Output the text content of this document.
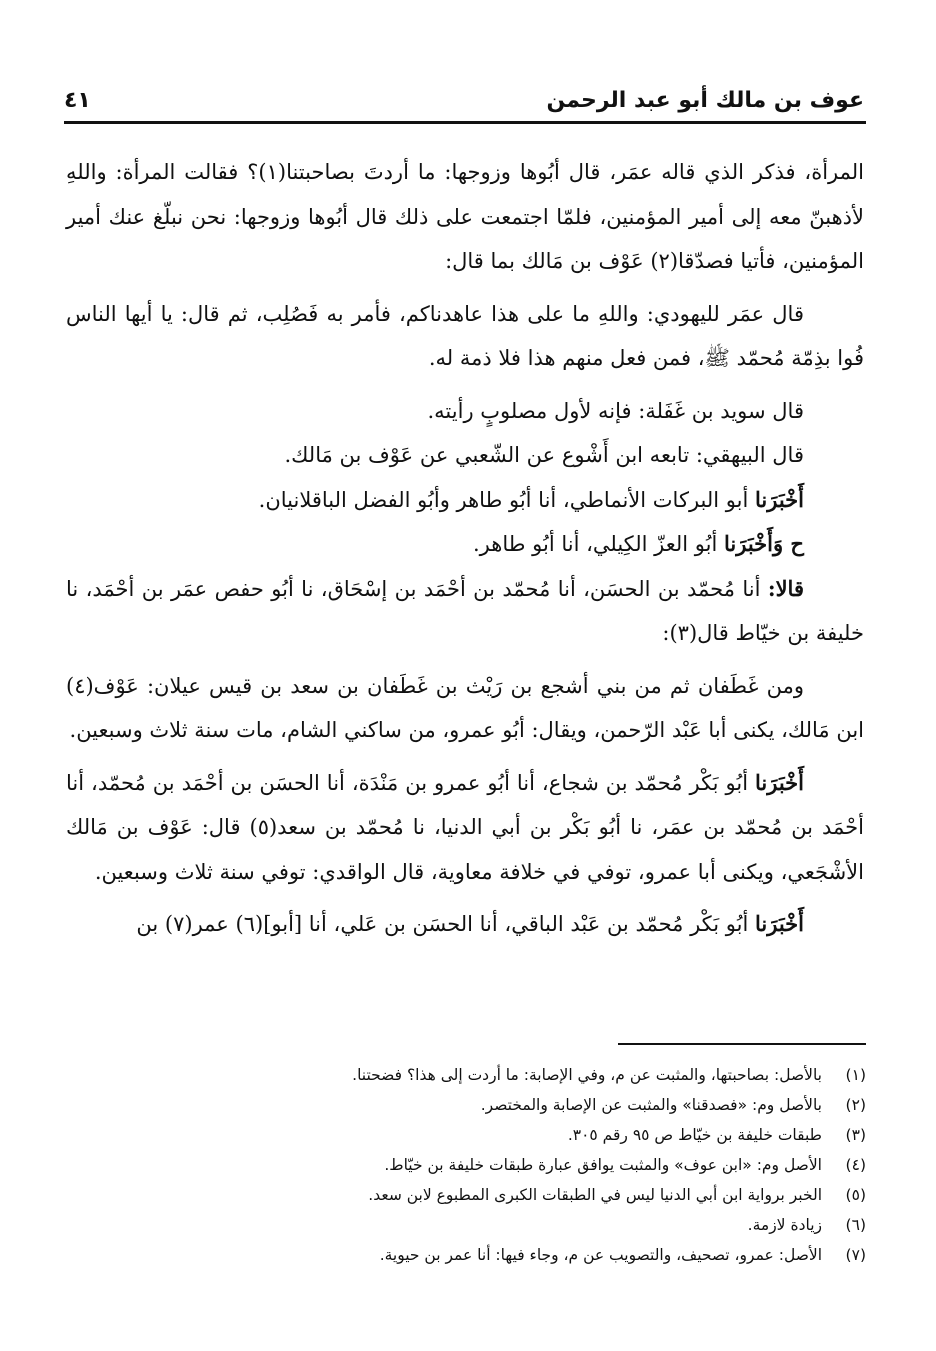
عوف بن مالك أبو عبد الرحمن
٤١

المرأة، فذكر الذي قاله عمَر، قال أبُوها وزوجها: ما أردتَ بصاحبتنا(١)؟ فقالت المرأة: واللهِ لأذهبنّ معه إلى أمير المؤمنين، فلمّا اجتمعت على ذلك قال أبُوها وزوجها: نحن نبلّغ عنك أمير المؤمنين، فأتيا فصدّقا(٢) عَوْف بن مَالك بما قال:

قال عمَر لليهودي: واللهِ ما على هذا عاهدناكم، فأمر به فَصُلِب، ثم قال: يا أيها الناس فُوا بذِمّة مُحمّد ﷺ، فمن فعل منهم هذا فلا ذمة له.

قال سويد بن غَفَلة: فإنه لأول مصلوبٍ رأيته.

قال البيهقي: تابعه ابن أَشْوع عن الشّعبي عن عَوْف بن مَالك.

أَخْبَرَنا أبو البركات الأنماطي، أنا أبُو طاهر وأبُو الفضل الباقلانيان.

ح وَأَخْبَرَنا أبُو العزّ الكِيلي، أنا أبُو طاهر.

قالا: أنا مُحمّد بن الحسَن، أنا مُحمّد بن أحْمَد بن إسْحَاق، نا أبُو حفص عمَر بن أحْمَد، نا خليفة بن خيّاط قال(٣):

ومن غَطَفان ثم من بني أشجع بن رَيْث بن غَطَفان بن سعد بن قيس عيلان: عَوْف(٤) ابن مَالك، يكنى أبا عَبْد الرّحمن، ويقال: أبُو عمرو، من ساكني الشام، مات سنة ثلاث وسبعين.

أَخْبَرَنا أبُو بَكْر مُحمّد بن شجاع، أنا أبُو عمرو بن مَنْدَة، أنا الحسَن بن أحْمَد بن مُحمّد، أنا أحْمَد بن مُحمّد بن عمَر، نا أبُو بَكْر بن أبي الدنيا، نا مُحمّد بن سعد(٥) قال: عَوْف بن مَالك الأشْجَعي، ويكنى أبا عمرو، توفي في خلافة معاوية، قال الواقدي: توفي سنة ثلاث وسبعين.

أَخْبَرَنا أبُو بَكْر مُحمّد بن عَبْد الباقي، أنا الحسَن بن عَلي، أنا [أبو](٦) عمر(٧) بن

(١)
بالأصل: بصاحبتها، والمثبت عن م، وفي الإصابة: ما أردت إلى هذا؟ فضحتنا.
(٢)
بالأصل وم: «فصدقنا» والمثبت عن الإصابة والمختصر.
(٣)
طبقات خليفة بن خيّاط ص ٩٥ رقم ٣٠٥.
(٤)
الأصل وم: «ابن عوف» والمثبت يوافق عبارة طبقات خليفة بن خيّاط.
(٥)
الخبر برواية ابن أبي الدنيا ليس في الطبقات الكبرى المطبوع لابن سعد.
(٦)
زيادة لازمة.
(٧)
الأصل: عمرو، تصحيف، والتصويب عن م، وجاء فيها: أنا عمر بن حيوية.
